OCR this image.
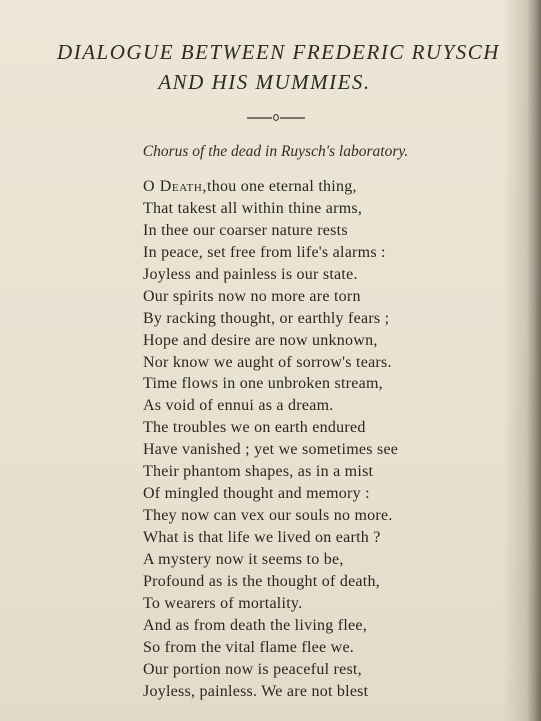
DIALOGUE BETWEEN FREDERIC RUYSCH
AND HIS MUMMIES.
Chorus of the dead in Ruysch's laboratory.
O Death,thou one eternal thing,
That takest all within thine arms,
In thee our coarser nature rests
In peace, set free from life's alarms :
Joyless and painless is our state.
Our spirits now no more are torn
By racking thought, or earthly fears ;
Hope and desire are now unknown,
Nor know we aught of sorrow's tears.
Time flows in one unbroken stream,
As void of ennui as a dream.
The troubles we on earth endured
Have vanished ; yet we sometimes see
Their phantom shapes, as in a mist
Of mingled thought and memory :
They now can vex our souls no more.
What is that life we lived on earth ?
A mystery now it seems to be,
Profound as is the thought of death,
To wearers of mortality.
And as from death the living flee,
So from the vital flame flee we.
Our portion now is peaceful rest,
Joyless, painless. We are not blest
